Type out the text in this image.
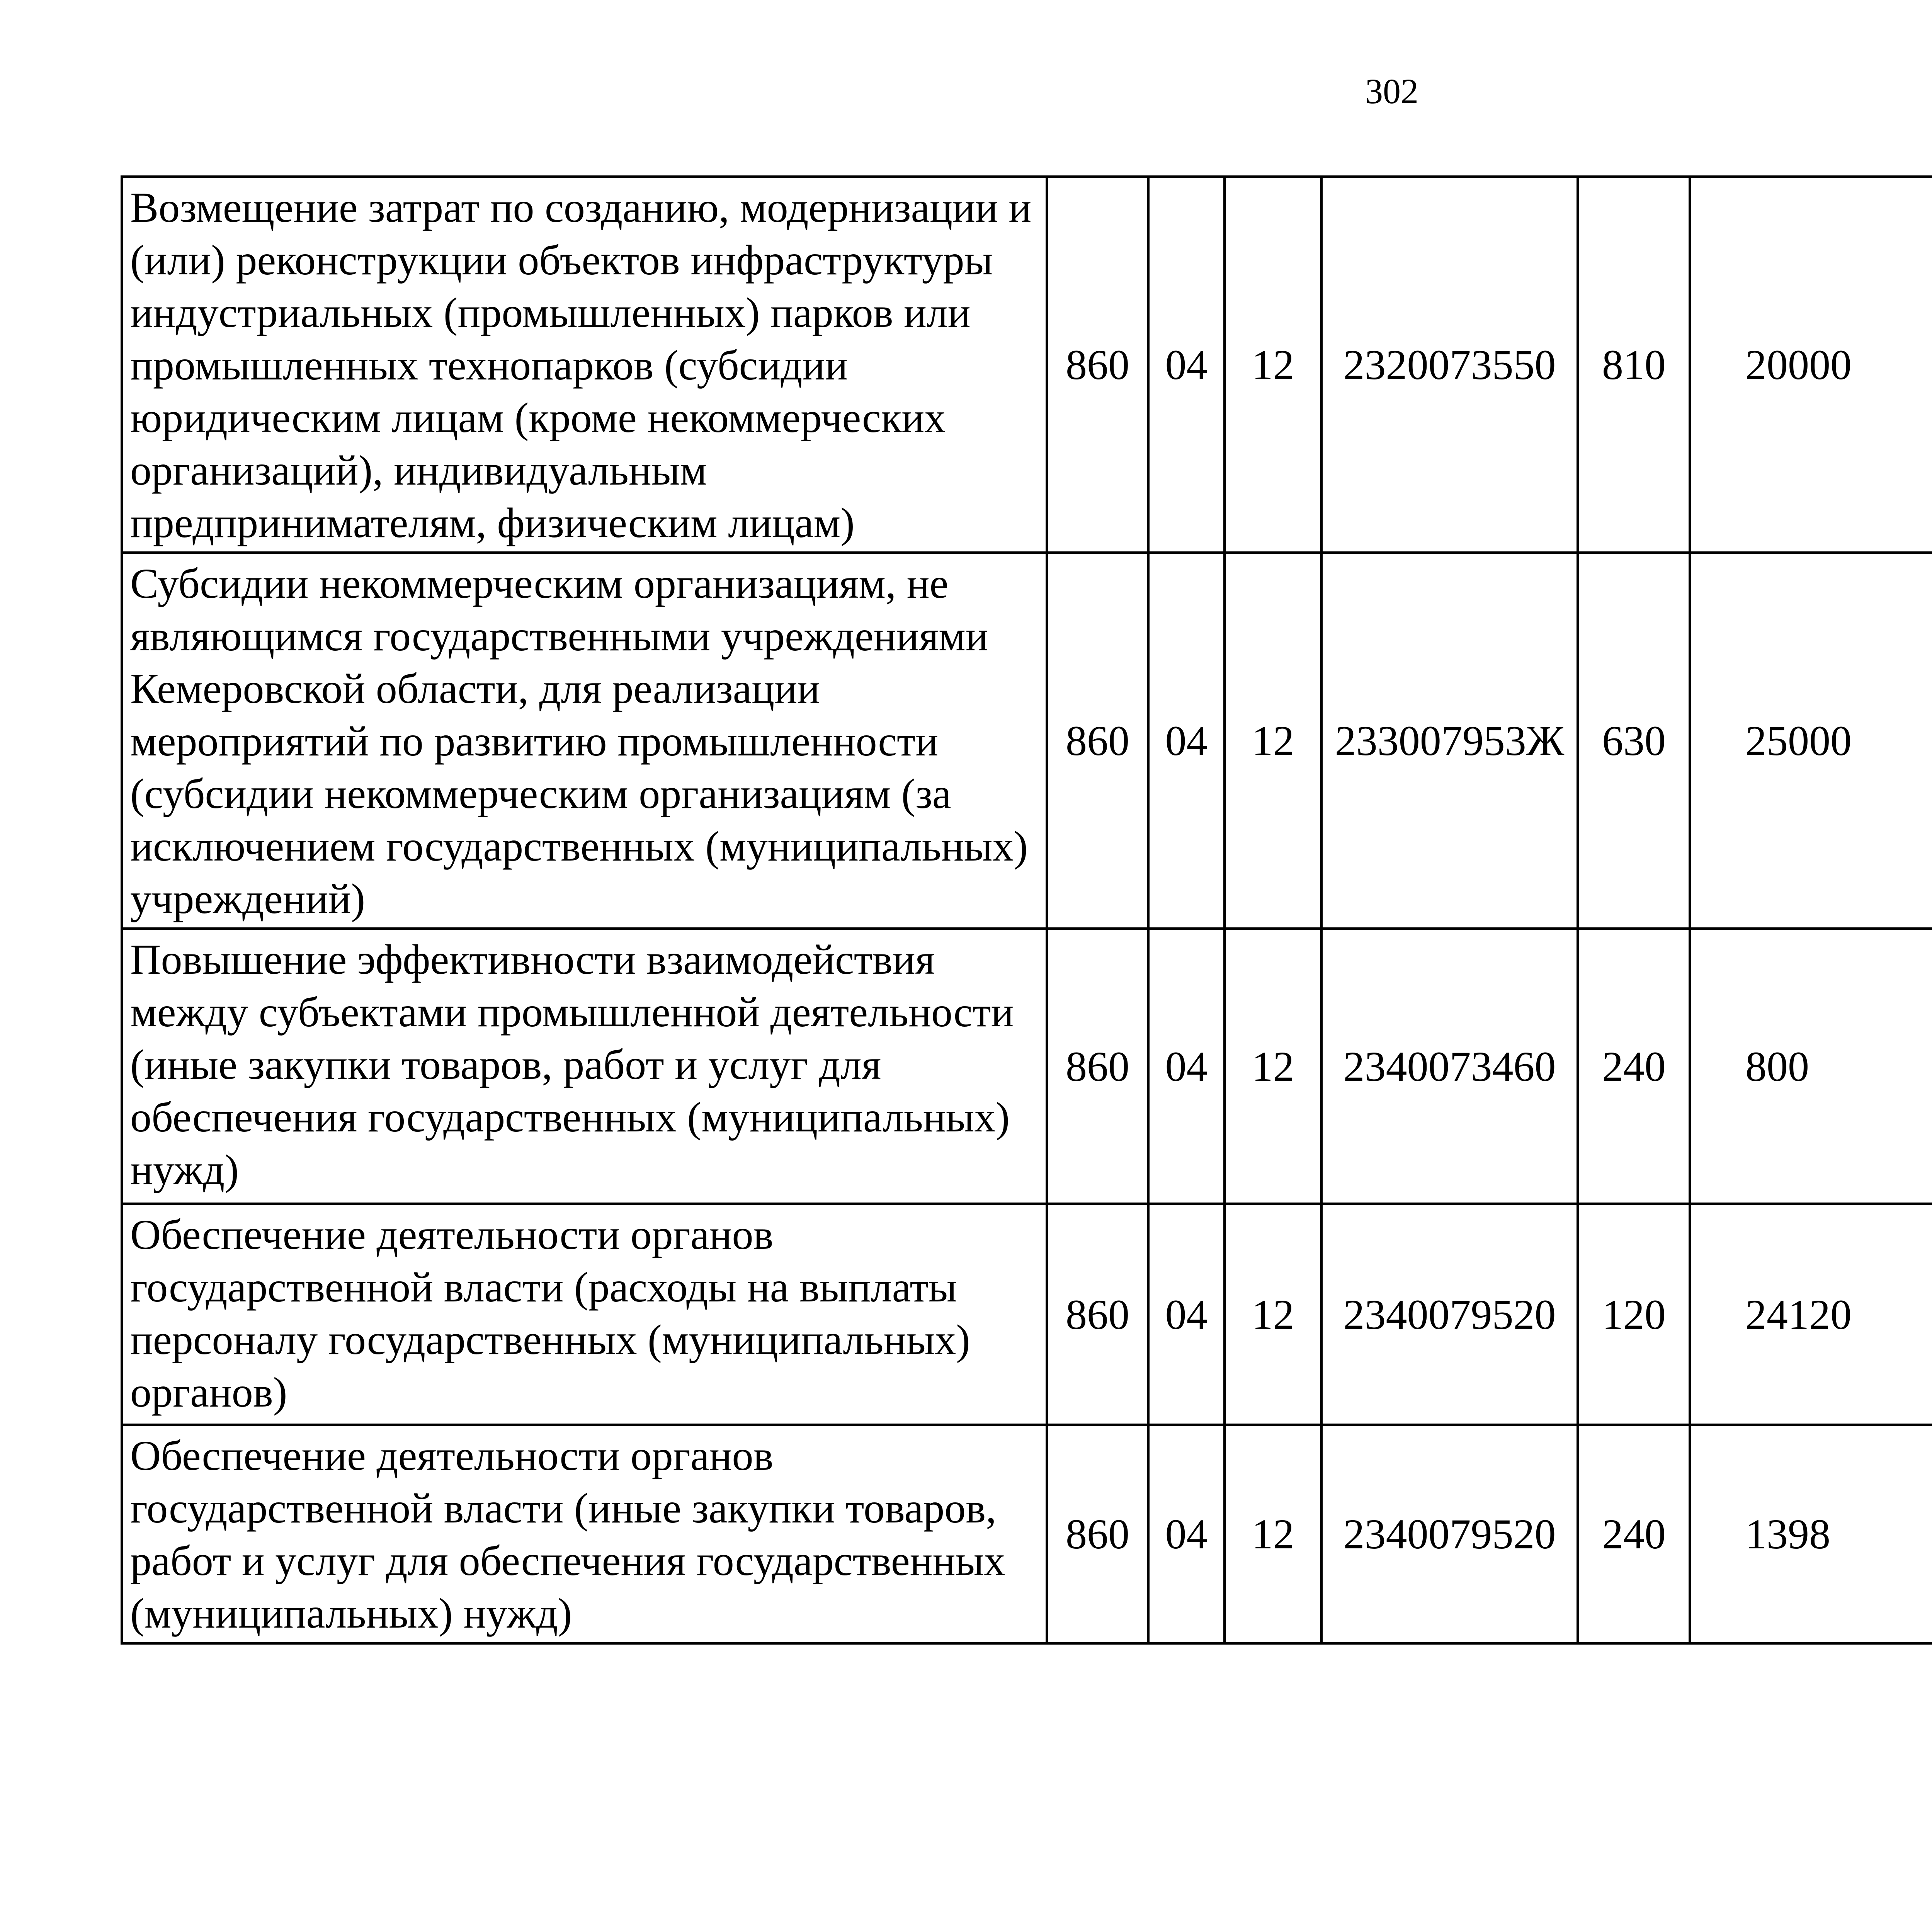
302
Возмещение затрат по созданию, модернизации и (или) реконструкции объектов инфраструктуры индустриальных (промышленных) парков или промышленных технопарков (субсидии юридическим лицам (кроме некоммерческих организаций), индивидуальным предпринимателям, физическим лицам)	860	04	12	2320073550	810	20000		
Субсидии некоммерческим организациям, не являющимся государственными учреждениями Кемеровской области, для реализации мероприятий по развитию промышленности (субсидии некоммерческим организациям (за исключением государственных (муниципальных) учреждений)	860	04	12	233007953Ж	630	25000		
Повышение эффективности взаимодействия между субъектами промышленной деятельности (иные закупки товаров, работ и услуг для обеспечения государственных (муниципальных) нужд)	860	04	12	2340073460	240	800		
Обеспечение деятельности органов государственной власти (расходы на выплаты персоналу государственных (муниципальных) органов)	860	04	12	2340079520	120	24120		
Обеспечение деятельности органов государственной власти (иные закупки товаров, работ и услуг для обеспечения государственных (муниципальных) нужд)	860	04	12	2340079520	240	1398		
